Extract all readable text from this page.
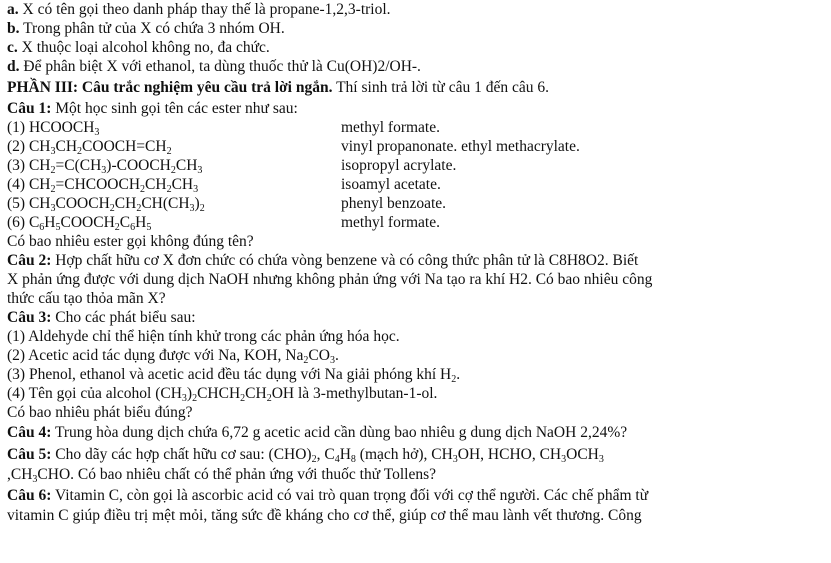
a. X có tên gọi theo danh pháp thay thế là propane-1,2,3-triol.
b. Trong phân tử của X có chứa 3 nhóm OH.
c. X thuộc loại alcohol không no, đa chức.
d. Để phân biệt X với ethanol, ta dùng thuốc thử là Cu(OH)2/OH-.
PHẦN III: Câu trắc nghiệm yêu cầu trả lời ngắn. Thí sinh trả lời từ câu 1 đến câu 6.
Câu 1: Một học sinh gọi tên các ester như sau:
(1) $HCOOCH_3$	methyl formate.
(2) $CH_3CH_2COOCH=CH_2$	vinyl propanonate. ethyl methacrylate.
(3) $CH_2=C(CH_3)-COOCH_2CH_3$	isopropyl acrylate.
(4) $CH_2=CHCOOCH_2CH_2CH_3$	isoamyl acetate.
(5) $CH_3COOCH_2CH_2CH(CH_3)_2$	phenyl benzoate.
(6) $C_6H_5COOCH_2C_6H_5$	methyl formate.
Có bao nhiêu ester gọi không đúng tên?
Câu 2: Hợp chất hữu cơ X đơn chức có chứa vòng benzene và có công thức phân tử là C8H8O2. Biết
X phản ứng được với dung dịch NaOH nhưng không phản ứng với Na tạo ra khí H2. Có bao nhiêu công
thức cấu tạo thỏa mãn X?
Câu 3: Cho các phát biểu sau:
(1) Aldehyde chỉ thể hiện tính khử trong các phản ứng hóa học.
(2) Acetic acid tác dụng được với Na, KOH, $Na_2CO_3$.
(3) Phenol, ethanol và acetic acid đều tác dụng với Na giải phóng khí $H_2$.
(4) Tên gọi của alcohol $(CH_3)_2CHCH_2CH_2OH$ là 3-methylbutan-1-ol.
Có bao nhiêu phát biểu đúng?
Câu 4: Trung hòa dung dịch chứa 6,72 g acetic acid cần dùng bao nhiêu g dung dịch NaOH 2,24%?
Câu 5: Cho dãy các hợp chất hữu cơ sau: $(CHO)_2$, $C_4H_8$ (mạch hở), $CH_3OH$, HCHO, $CH_3OCH_3$
$,CH_3CHO$. Có bao nhiêu chất có thể phản ứng với thuốc thử Tollens?
Câu 6: Vitamin C, còn gọi là ascorbic acid có vai trò quan trọng đối với cợ thể người. Các chế phẩm từ
vitamin C giúp điều trị mệt mỏi, tăng sức đề kháng cho cơ thể, giúp cơ thể mau lành vết thương. Công
